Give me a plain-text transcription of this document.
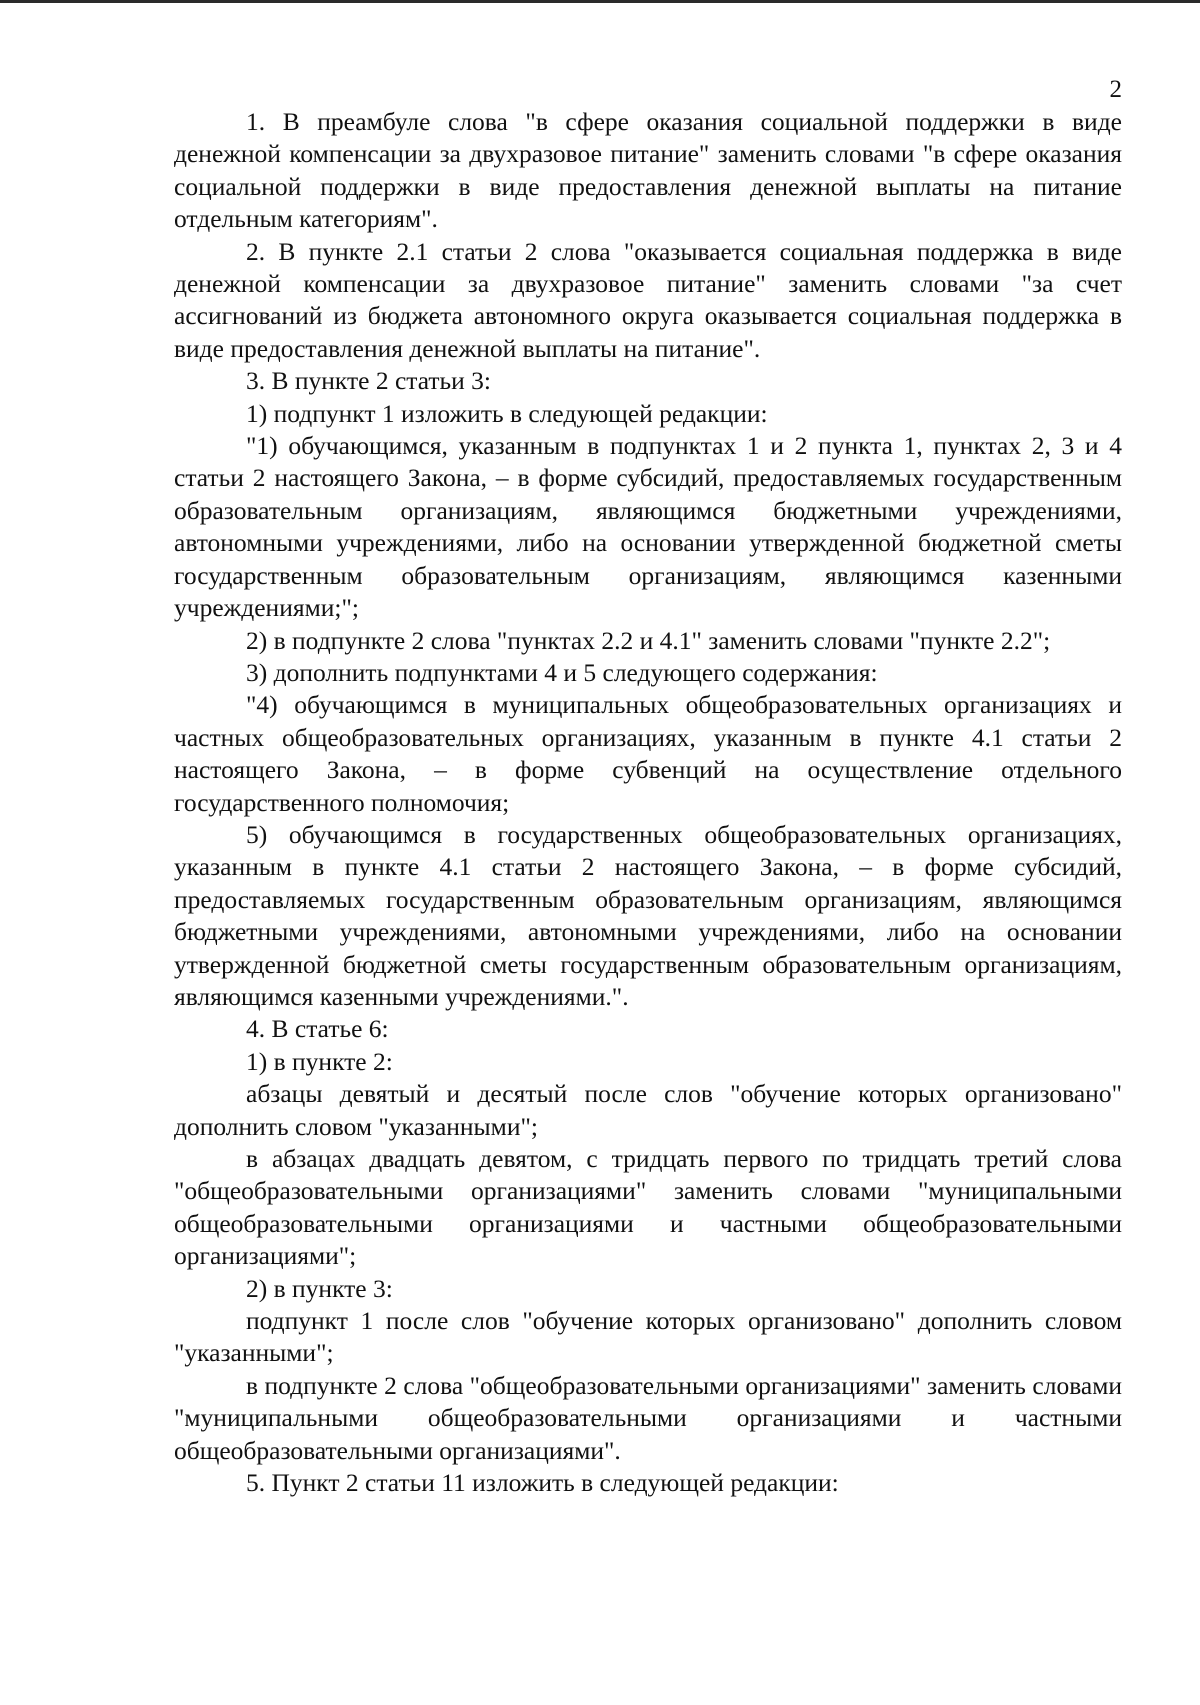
2

1. В преамбуле слова "в сфере оказания социальной поддержки в виде денежной компенсации за двухразовое питание" заменить словами "в сфере оказания социальной поддержки в виде предоставления денежной выплаты на питание отдельным категориям".

2. В пункте 2.1 статьи 2 слова "оказывается социальная поддержка в виде денежной компенсации за двухразовое питание" заменить словами "за счет ассигнований из бюджета автономного округа оказывается социальная поддержка в виде предоставления денежной выплаты на питание".

3. В пункте 2 статьи 3:

1) подпункт 1 изложить в следующей редакции:

"1) обучающимся, указанным в подпунктах 1 и 2 пункта 1, пунктах 2, 3 и 4 статьи 2 настоящего Закона, – в форме субсидий, предоставляемых государственным образовательным организациям, являющимся бюджетными учреждениями, автономными учреждениями, либо на основании утвержденной бюджетной сметы государственным образовательным организациям, являющимся казенными учреждениями;";

2) в подпункте 2 слова "пунктах 2.2 и 4.1" заменить словами "пункте 2.2";

3) дополнить подпунктами 4 и 5 следующего содержания:

"4) обучающимся в муниципальных общеобразовательных организациях и частных общеобразовательных организациях, указанным в пункте 4.1 статьи 2 настоящего Закона, – в форме субвенций на осуществление отдельного государственного полномочия;

5) обучающимся в государственных общеобразовательных организациях, указанным в пункте 4.1 статьи 2 настоящего Закона, – в форме субсидий, предоставляемых государственным образовательным организациям, являющимся бюджетными учреждениями, автономными учреждениями, либо на основании утвержденной бюджетной сметы государственным образовательным организациям, являющимся казенными учреждениями.".

4. В статье 6:

1) в пункте 2:

абзацы девятый и десятый после слов "обучение которых организовано" дополнить словом "указанными";

в абзацах двадцать девятом, с тридцать первого по тридцать третий слова "общеобразовательными организациями" заменить словами "муниципальными общеобразовательными организациями и частными общеобразовательными организациями";

2) в пункте 3:

подпункт 1 после слов "обучение которых организовано" дополнить словом "указанными";

в подпункте 2 слова "общеобразовательными организациями" заменить словами "муниципальными общеобразовательными организациями и частными общеобразовательными организациями".

5. Пункт 2 статьи 11 изложить в следующей редакции:
